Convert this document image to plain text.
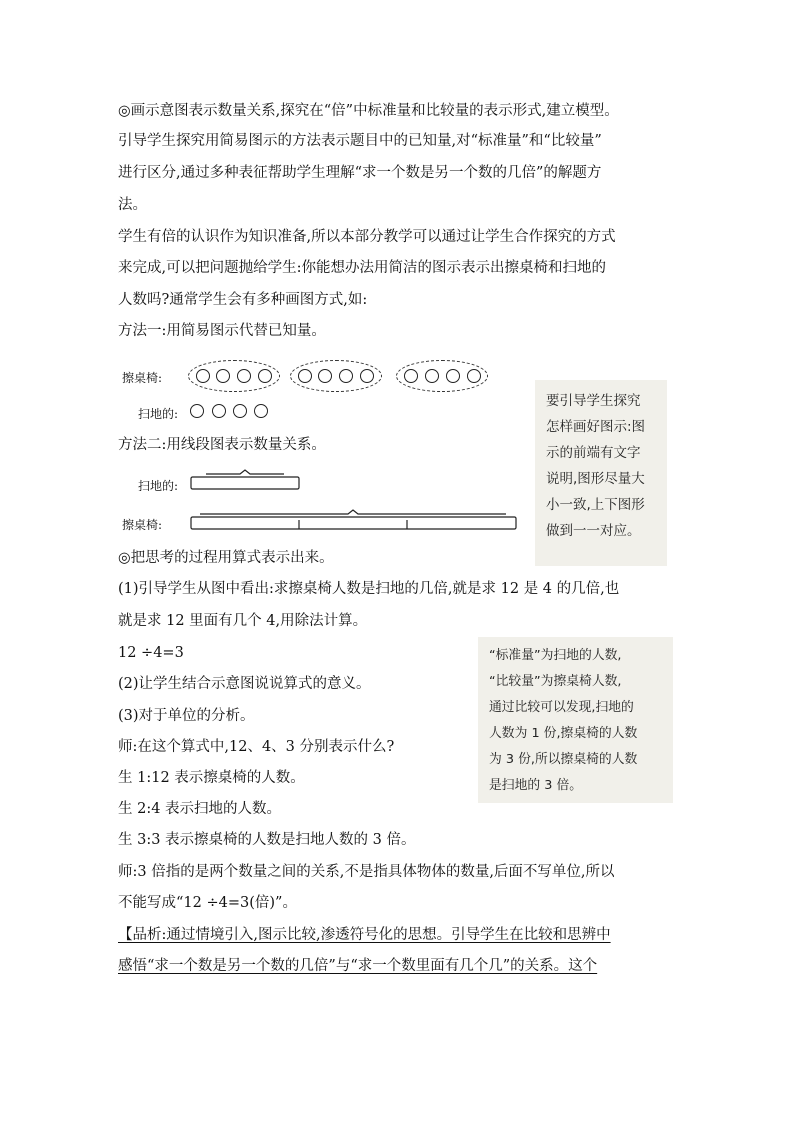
◎画示意图表示数量关系,探究在“倍”中标准量和比较量的表示形式,建立模型。
引导学生探究用简易图示的方法表示题目中的已知量,对“标准量”和“比较量”
进行区分,通过多种表征帮助学生理解“求一个数是另一个数的几倍”的解题方
法。
学生有倍的认识作为知识准备,所以本部分教学可以通过让学生合作探究的方式
来完成,可以把问题抛给学生:你能想办法用简洁的图示表示出擦桌椅和扫地的
人数吗?通常学生会有多种画图方式,如:
方法一:用简易图示代替已知量。
擦桌椅:
扫地的:
方法二:用线段图表示数量关系。
扫地的:
擦桌椅:
要引导学生探究
怎样画好图示:图
示的前端有文字
说明,图形尽量大
小一致,上下图形
做到一一对应。
◎把思考的过程用算式表示出来。
(1)引导学生从图中看出:求擦桌椅人数是扫地的几倍,就是求 12 是 4 的几倍,也
就是求 12 里面有几个 4,用除法计算。
12 ÷4=3
(2)让学生结合示意图说说算式的意义。
(3)对于单位的分析。
师:在这个算式中,12、4、3 分别表示什么?
生 1:12 表示擦桌椅的人数。
生 2:4 表示扫地的人数。
生 3:3 表示擦桌椅的人数是扫地人数的 3 倍。
“标准量”为扫地的人数,
“比较量”为擦桌椅人数,
通过比较可以发现,扫地的
人数为 1 份,擦桌椅的人数
为 3 份,所以擦桌椅的人数
是扫地的 3 倍。
师:3 倍指的是两个数量之间的关系,不是指具体物体的数量,后面不写单位,所以
不能写成“12 ÷4=3(倍)”。
【品析:通过情境引入,图示比较,渗透符号化的思想。引导学生在比较和思辨中
感悟“求一个数是另一个数的几倍”与“求一个数里面有几个几”的关系。这个
